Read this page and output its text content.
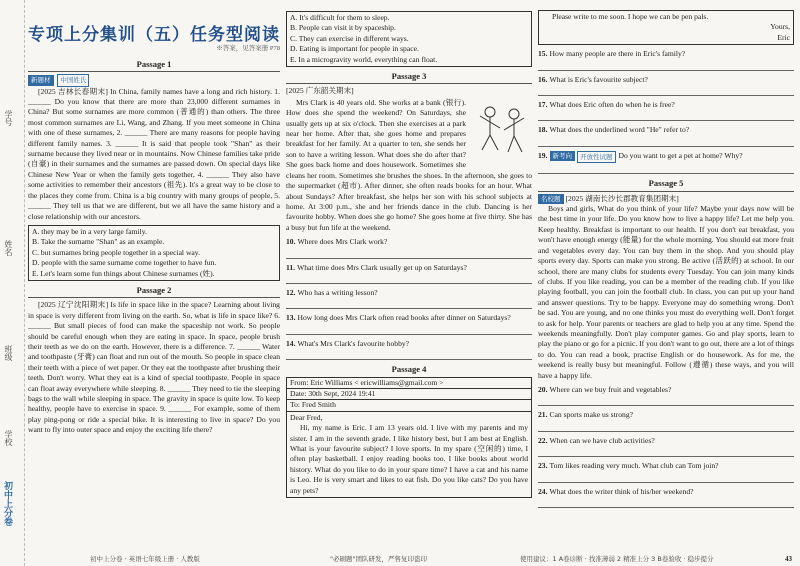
学号
姓名
班级
学校
初中上分卷
专项上分集训（五）任务型阅读
※答案，见答案册 P78
Passage 1
新题材 中国姓氏

[2025 吉林长春期末] In China, family names have a long and rich history. 1. ______ Do you know that there are more than 23,000 different surnames in China? But some surnames are more common (普通的) than others. The three most common surnames are Li, Wang, and Zhang. If you meet someone in China with one of these surnames, 2. ______ There are many reasons for people having different family names. 3. ______ It is said that people took "Shan" as their surname because they lived near or in mountains. Now Chinese families take pride (自豪) in their surnames and the surnames are passed down. On special days like Chinese New Year or when the family gets together, 4. ______ They also have some activities to remember their ancestors (祖先). It's a great way to be close to the places they come from. China is a big country with many groups of people, 5. ______ They tell us that we are different, but we all have the same history and a close relationship with our ancestors.

A. they may be in a very large family.
B. Take the surname "Shan" as an example.
C. but surnames bring people together in a special way.
D. people with the same surname come together to have fun.
E. Let's learn some fun things about Chinese surnames (姓).
Passage 2

[2025 辽宁沈阳期末] Is life in space like in the space? Learning about living in space is very different from living on the earth. So, what is life in space like? 6. ______ But small pieces of food can make the spaceship not work. So people should be careful enough when they are eating in space. In space, people brush their teeth as we do on the earth. However, there is a difference. 7. ______ Water and toothpaste (牙膏) can float and run out of the mouth. So people in space clean their teeth with a piece of wet paper. Or they eat the toothpaste after brushing their teeth. Don't worry. What they eat is a kind of special toothpaste. People in space can float away everywhere while sleeping. 8. ______ They need to tie the sleeping bags to the wall while sleeping in space. The gravity in space is quite low. To keep healthy, people have to exercise in space. 9. ______ For example, some of them play ping-pong or ride a special bike. It is interesting to live in space? Do you want to fly into outer space and enjoy the exciting life there?

A. It's difficult for them to sleep.
B. People can visit it by spaceship.
C. They can exercise in different ways.
D. Eating is important for people in space.
E. In a microgravity world, everything can float.
Passage 3
[2025 广东韶关期末]

Mrs Clark is 40 years old. She works at a bank (银行). How does she spend the weekend? On Saturdays, she usually gets up at six o'clock. Then she exercises at a park near her home. After that, she goes home and prepares breakfast for her family. At a quarter to ten, she sends her son to have a writing lesson. What does she do after that? She goes back home and does housework. Sometimes she cleans her room. Sometimes she brushes the shoes. In the afternoon, she goes to the supermarket (超市). After dinner, she often reads books for an hour. What about Sundays? After breakfast, she helps her son with his school subjects at home. At 3:00 p.m., she and her friends dance in the club. Dancing is her favourite hobby. When does she go home? She goes home at five thirty. She has a busy but fun life at the weekend.

10. Where does Mrs Clark work?
11. What time does Mrs Clark usually get up on Saturdays?
12. Who has a writing lesson?
13. How long does Mrs Clark often read books after dinner on Saturdays?
14. What's Mrs Clark's favourite hobby?
Passage 4
From: Eric Williams < ericwilliams@gmail.com >
Date: 30th Sept, 2024 19:41
To: Fred Smith
Dear Fred,

Hi, my name is Eric. I am 13 years old. I live with my parents and my sister. I am in the seventh grade. I like history best, but I am best at English. What is your favourite subject? I love sports. In my spare (空闲的) time, I often play basketball. I enjoy reading books too. I like books about world history. What do you like to do in your spare time? I have a cat and his name is Leo. He is very smart and likes to eat fish. Do you like cats? Do you have any pets?

Please write to me soon. I hope we can be pen pals.

Yours,
Eric
15. How many people are there in Eric's family?
16. What is Eric's favourite subject?
17. What does Eric often do when he is free?
18. What does the underlined word "He" refer to?
19. 新考向	开放性试题 Do you want to get a pet at home? Why?
Passage 5
名校题 [2025 湖南长沙长郡教育集团期末]

Boys and girls, What do you think of your life? Maybe your days now will be the best time in your life. Do you know how to live a happy life? Let me help you. Keep healthy. Breakfast is important to our health. If you don't eat breakfast, you won't have enough energy (能量) for the whole morning. You should eat more fruit and vegetables every day. You can buy them in the shop. And you should play sports every day. Sports can make you strong. Be active (活跃的) at school. In our school, there are many clubs for students every Tuesday. You can join many kinds of clubs. If you like reading, you can be a member of the reading club. If you like playing football, you can join the football club. In class, you can put up your hand and answer questions. Try to be happy. Everyone may do something wrong. Don't be sad. You are young, and no one thinks you must do everything well. Don't forget to ask for help. Your parents or teachers are glad to help you at any time. Spend the weekends meaningfully. Don't play computer games. Go and play sports, learn to play the piano or go for a picnic. If you don't want to go out, there are a lot of things to do. You can read a book, practise English or do housework. As for me, the weekend is really busy but meaningful. Follow (遵循) these ways, and you will have a happy life.

20. Where can we buy fruit and vegetables?
21. Can sports make us strong?
22. When can we have club activities?
23. Tom likes reading very much. What club can Tom join?
24. What does the writer think of his/her weekend?
初中上分卷 · 英语七年级上册 · 人教版	"必刷题"团队研发，严售复印盗印	使用建议：1 A卷诊断 · 找准薄弱 2 精准上分 3 B卷验收 · 稳步提分	43
